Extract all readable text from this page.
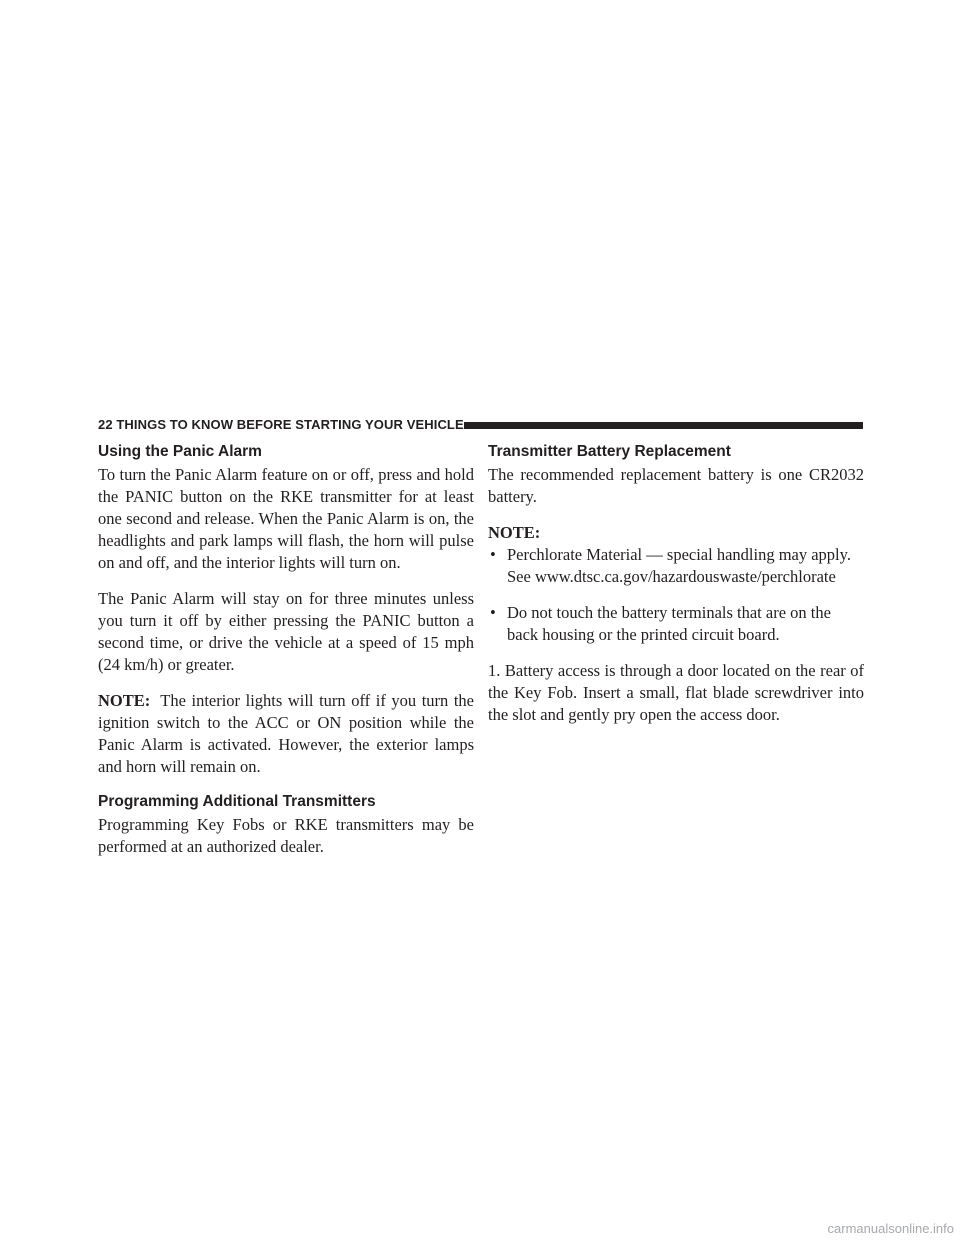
22 THINGS TO KNOW BEFORE STARTING YOUR VEHICLE
Using the Panic Alarm

To turn the Panic Alarm feature on or off, press and hold the PANIC button on the RKE transmitter for at least one second and release. When the Panic Alarm is on, the headlights and park lamps will flash, the horn will pulse on and off, and the interior lights will turn on.

The Panic Alarm will stay on for three minutes unless you turn it off by either pressing the PANIC button a second time, or drive the vehicle at a speed of 15 mph (24 km/h) or greater.

NOTE: The interior lights will turn off if you turn the ignition switch to the ACC or ON position while the Panic Alarm is activated. However, the exterior lamps and horn will remain on.

Programming Additional Transmitters

Programming Key Fobs or RKE transmitters may be performed at an authorized dealer.

Transmitter Battery Replacement

The recommended replacement battery is one CR2032 battery.

NOTE:

• Perchlorate Material — special handling may apply. See www.dtsc.ca.gov/hazardouswaste/perchlorate
• Do not touch the battery terminals that are on the back housing or the printed circuit board.

1. Battery access is through a door located on the rear of the Key Fob. Insert a small, flat blade screwdriver into the slot and gently pry open the access door.

carmanualsonline.info
